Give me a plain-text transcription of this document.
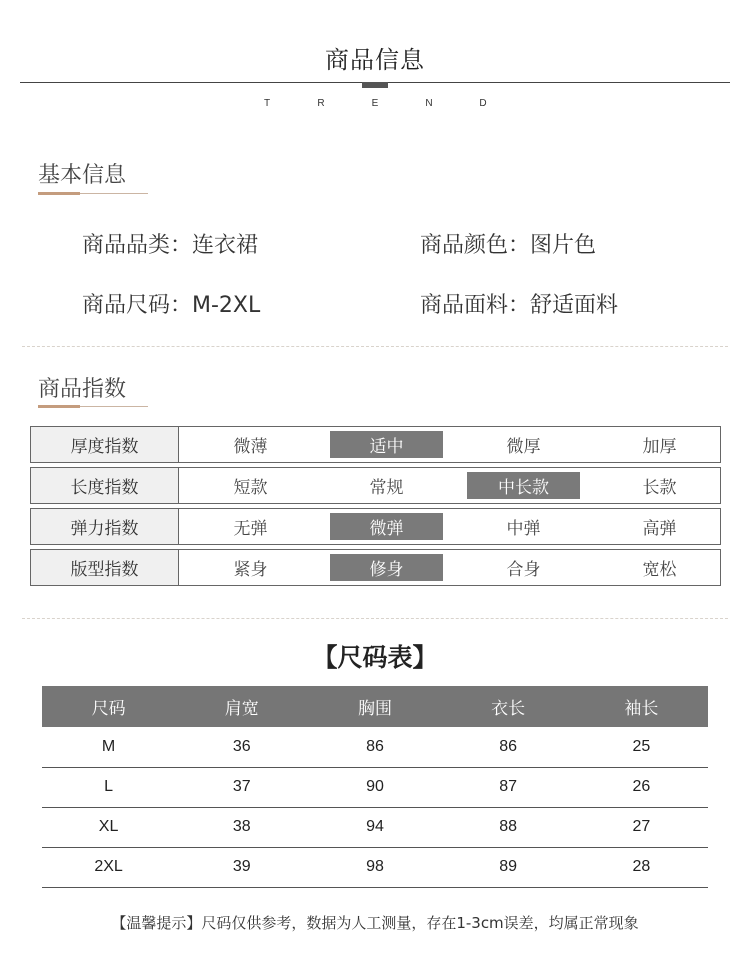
商品信息
T	R	E	N	D
基本信息
商品品类：连衣裙	商品颜色：图片色
商品尺码：M-2XL	商品面料：舒适面料
商品指数
厚度指数	微薄	适中	微厚	加厚
长度指数	短款	常规	中长款	长款
弹力指数	无弹	微弹	中弹	高弹
版型指数	紧身	修身	合身	宽松
【尺码表】
尺码	肩宽	胸围	衣长	袖长
M	36	86	86	25
L	37	90	87	26
XL	38	94	88	27
2XL	39	98	89	28
【温馨提示】尺码仅供参考，数据为人工测量，存在1-3cm误差，均属正常现象
